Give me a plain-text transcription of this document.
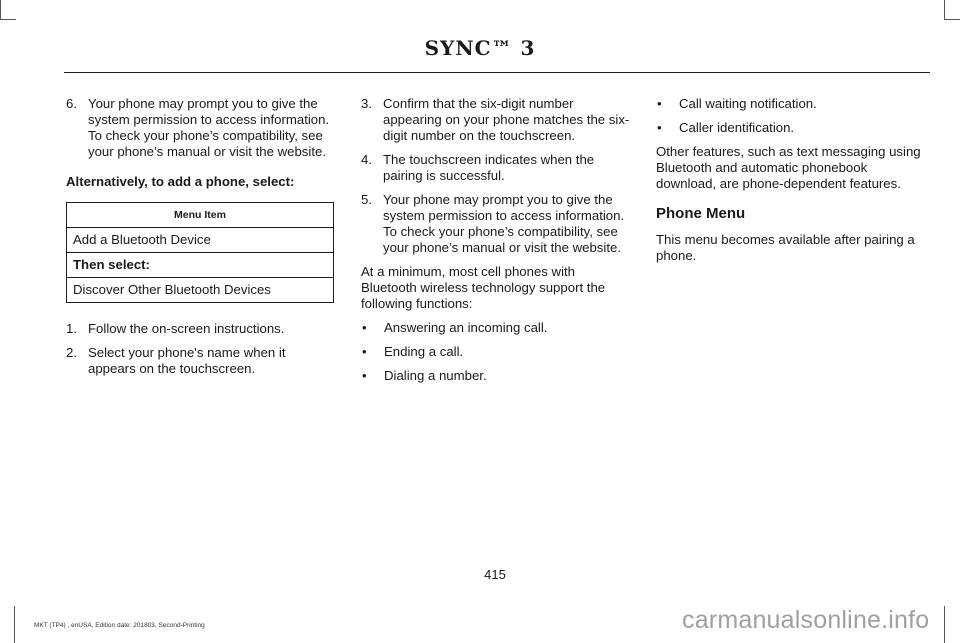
SYNC™ 3
6. Your phone may prompt you to give the system permission to access information. To check your phone’s compatibility, see your phone’s manual or visit the website.
Alternatively, to add a phone, select:
Menu Item
Add a Bluetooth Device
Then select:
Discover Other Bluetooth Devices
1. Follow the on-screen instructions.
2. Select your phone's name when it appears on the touchscreen.
3. Confirm that the six-digit number appearing on your phone matches the six-digit number on the touchscreen.
4. The touchscreen indicates when the pairing is successful.
5. Your phone may prompt you to give the system permission to access information. To check your phone’s compatibility, see your phone’s manual or visit the website.
At a minimum, most cell phones with Bluetooth wireless technology support the following functions:
•	Answering an incoming call.
•	Ending a call.
•	Dialing a number.
•	Call waiting notification.
•	Caller identification.
Other features, such as text messaging using Bluetooth and automatic phonebook download, are phone-dependent features.
Phone Menu
This menu becomes available after pairing a phone.
415
MKT (TP4) , enUSA, Edition date: 201803, Second-Printing	carmanualsonline.info
